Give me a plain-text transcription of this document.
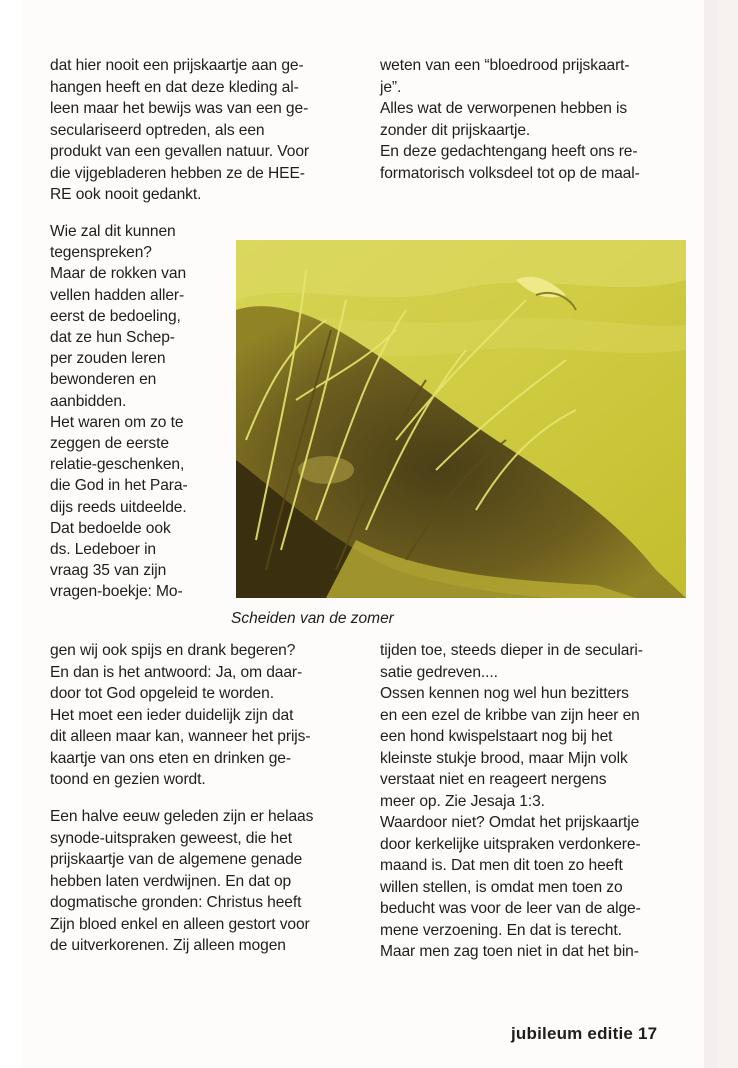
dat hier nooit een prijskaartje aan ge-
hangen heeft en dat deze kleding al-
leen maar het bewijs was van een ge-
seculariseerd optreden, als een
produkt van een gevallen natuur. Voor
die vijgebladeren hebben ze de HEE-
RE ook nooit gedankt.
Wie zal dit kunnen
tegenspreken?
Maar de rokken van
vellen hadden aller-
eerst de bedoeling,
dat ze hun Schep-
per zouden leren
bewonderen en
aanbidden.
Het waren om zo te
zeggen de eerste
relatie-geschenken,
die God in het Para-
dijs reeds uitdeelde.
Dat bedoelde ook
ds. Ledeboer in
vraag 35 van zijn
vragen-boekje: Mo-
gen wij ook spijs en drank begeren?
En dan is het antwoord: Ja, om daar-
door tot God opgeleid te worden.
Het moet een ieder duidelijk zijn dat
dit alleen maar kan, wanneer het prijs-
kaartje van ons eten en drinken ge-
toond en gezien wordt.
Een halve eeuw geleden zijn er helaas
synode-uitspraken geweest, die het
prijskaartje van de algemene genade
hebben laten verdwijnen. En dat op
dogmatische gronden: Christus heeft
Zijn bloed enkel en alleen gestort voor
de uitverkorenen. Zij alleen mogen
weten van een “bloedrood prijskaart-
je”.
Alles wat de verworpenen hebben is
zonder dit prijskaartje.
En deze gedachtengang heeft ons re-
formatorisch volksdeel tot op de maal-
tijden toe, steeds dieper in de seculari-
satie gedreven....
Ossen kennen nog wel hun bezitters
en een ezel de kribbe van zijn heer en
een hond kwispelstaart nog bij het
kleinste stukje brood, maar Mijn volk
verstaat niet en reageert nergens
meer op. Zie Jesaja 1:3.
Waardoor niet? Omdat het prijskaartje
door kerkelijke uitspraken verdonkere-
maand is. Dat men dit toen zo heeft
willen stellen, is omdat men toen zo
beducht was voor de leer van de alge-
mene verzoening. En dat is terecht.
Maar men zag toen niet in dat het bin-
Scheiden van de zomer
jubileum editie 17
